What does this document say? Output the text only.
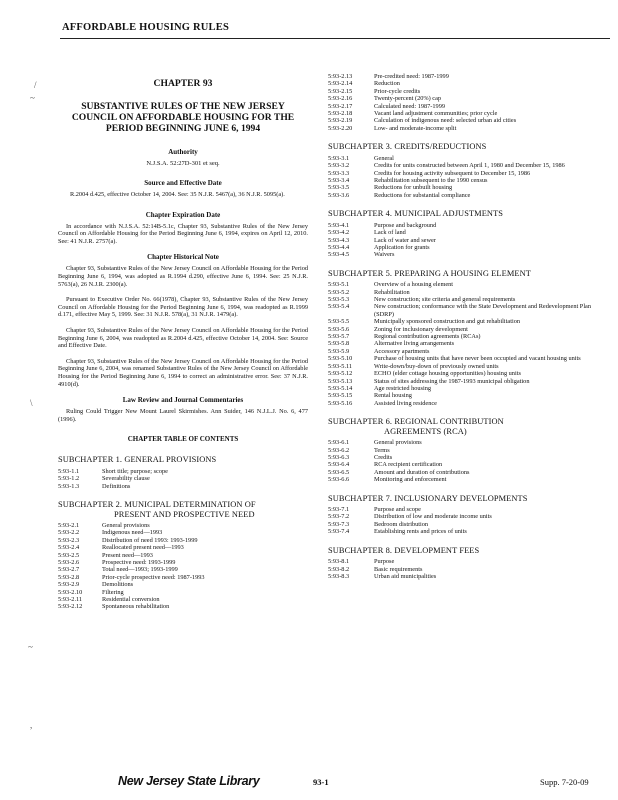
AFFORDABLE HOUSING RULES
/
~
\
~
,
CHAPTER 93
SUBSTANTIVE RULES OF THE NEW JERSEY COUNCIL ON AFFORDABLE HOUSING FOR THE PERIOD BEGINNING JUNE 6, 1994
Authority
N.J.S.A. 52:27D-301 et seq.
Source and Effective Date
R.2004 d.425, effective October 14, 2004. See: 35 N.J.R. 5467(a), 36 N.J.R. 5095(a).
Chapter Expiration Date
In accordance with N.J.S.A. 52:14B-5.1c, Chapter 93, Substantive Rules of the New Jersey Council on Affordable Housing for the Period Beginning June 6, 1994, expires on April 12, 2010. See: 41 N.J.R. 2757(a).
Chapter Historical Note
Chapter 93, Substantive Rules of the New Jersey Council on Affordable Housing for the Period Beginning June 6, 1994, was adopted as R.1994 d.290, effective June 6, 1994. See: 25 N.J.R. 5763(a), 26 N.J.R. 2300(a).
Pursuant to Executive Order No. 66(1978), Chapter 93, Substantive Rules of the New Jersey Council on Affordable Housing for the Period Beginning June 6, 1994, was readopted as R.1999 d.171, effective May 5, 1999. See: 31 N.J.R. 578(a), 31 N.J.R. 1479(a).
Chapter 93, Substantive Rules of the New Jersey Council on Affordable Housing for the Period Beginning June 6, 2004, was readopted as R.2004 d.425, effective October 14, 2004. See: Source and Effective Date.
Chapter 93, Substantive Rules of the New Jersey Council on Affordable Housing for the Period Beginning June 6, 2004, was renamed Substantive Rules of the New Jersey Council on Affordable Housing for the Period Beginning June 6, 1994 to correct an administrative error. See: 37 N.J.R. 4910(d).
Law Review and Journal Commentaries
Ruling Could Trigger New Mount Laurel Skirmishes. Ann Suider, 146 N.J.L.J. No. 6, 477 (1996).
CHAPTER TABLE OF CONTENTS
SUBCHAPTER 1. GENERAL PROVISIONS
5:93-1.1	Short title; purpose; scope
5:93-1.2	Severability clause
5:93-1.3	Definitions
SUBCHAPTER 2. MUNICIPAL DETERMINATION OF
PRESENT AND PROSPECTIVE NEED
5:93-2.1	General provisions
5:93-2.2	Indigenous need—1993
5:93-2.3	Distribution of need 1993: 1993-1999
5:93-2.4	Reallocated present need—1993
5:93-2.5	Present need—1993
5:93-2.6	Prospective need: 1993-1999
5:93-2.7	Total need—1993; 1993-1999
5:93-2.8	Prior-cycle prospective need: 1987-1993
5:93-2.9	Demolitions
5:93-2.10	Filtering
5:93-2.11	Residential conversion
5:93-2.12	Spontaneous rehabilitation
5:93-2.13	Pre-credited need: 1987-1999
5:93-2.14	Reduction
5:93-2.15	Prior-cycle credits
5:93-2.16	Twenty-percent (20%) cap
5:93-2.17	Calculated need: 1987-1999
5:93-2.18	Vacant land adjustment communities; prior cycle
5:93-2.19	Calculation of indigenous need: selected urban aid cities
5:93-2.20	Low- and moderate-income split
SUBCHAPTER 3. CREDITS/REDUCTIONS
5:93-3.1	General
5:93-3.2	Credits for units constructed between April 1, 1980 and December 15, 1986
5:93-3.3	Credits for housing activity subsequent to December 15, 1986
5:93-3.4	Rehabilitation subsequent to the 1990 census
5:93-3.5	Reductions for unbuilt housing
5:93-3.6	Reductions for substantial compliance
SUBCHAPTER 4. MUNICIPAL ADJUSTMENTS
5:93-4.1	Purpose and background
5:93-4.2	Lack of land
5:93-4.3	Lack of water and sewer
5:93-4.4	Application for grants
5:93-4.5	Waivers
SUBCHAPTER 5. PREPARING A HOUSING ELEMENT
5:93-5.1	Overview of a housing element
5:93-5.2	Rehabilitation
5:93-5.3	New construction; site criteria and general requirements
5:93-5.4	New construction; conformance with the State Development and Redevelopment Plan (SDRP)
5:93-5.5	Municipally sponsored construction and gut rehabilitation
5:93-5.6	Zoning for inclusionary development
5:93-5.7	Regional contribution agreements (RCAs)
5:93-5.8	Alternative living arrangements
5:93-5.9	Accessory apartments
5:93-5.10	Purchase of housing units that have never been occupied and vacant housing units
5:93-5.11	Write-down/buy-down of previously owned units
5:93-5.12	ECHO (elder cottage housing opportunities) housing units
5:93-5.13	Status of sites addressing the 1987-1993 municipal obligation
5:93-5.14	Age restricted housing
5:93-5.15	Rental housing
5:93-5.16	Assisted living residence
SUBCHAPTER 6. REGIONAL CONTRIBUTION
AGREEMENTS (RCA)
5:93-6.1	General provisions
5:93-6.2	Terms
5:93-6.3	Credits
5:93-6.4	RCA recipient certification
5:93-6.5	Amount and duration of contributions
5:93-6.6	Monitoring and enforcement
SUBCHAPTER 7. INCLUSIONARY DEVELOPMENTS
5:93-7.1	Purpose and scope
5:93-7.2	Distribution of low and moderate income units
5:93-7.3	Bedroom distribution
5:93-7.4	Establishing rents and prices of units
SUBCHAPTER 8. DEVELOPMENT FEES
5:93-8.1	Purpose
5:93-8.2	Basic requirements
5:93-8.3	Urban aid municipalities
New Jersey State Library	93-1	Supp. 7-20-09
